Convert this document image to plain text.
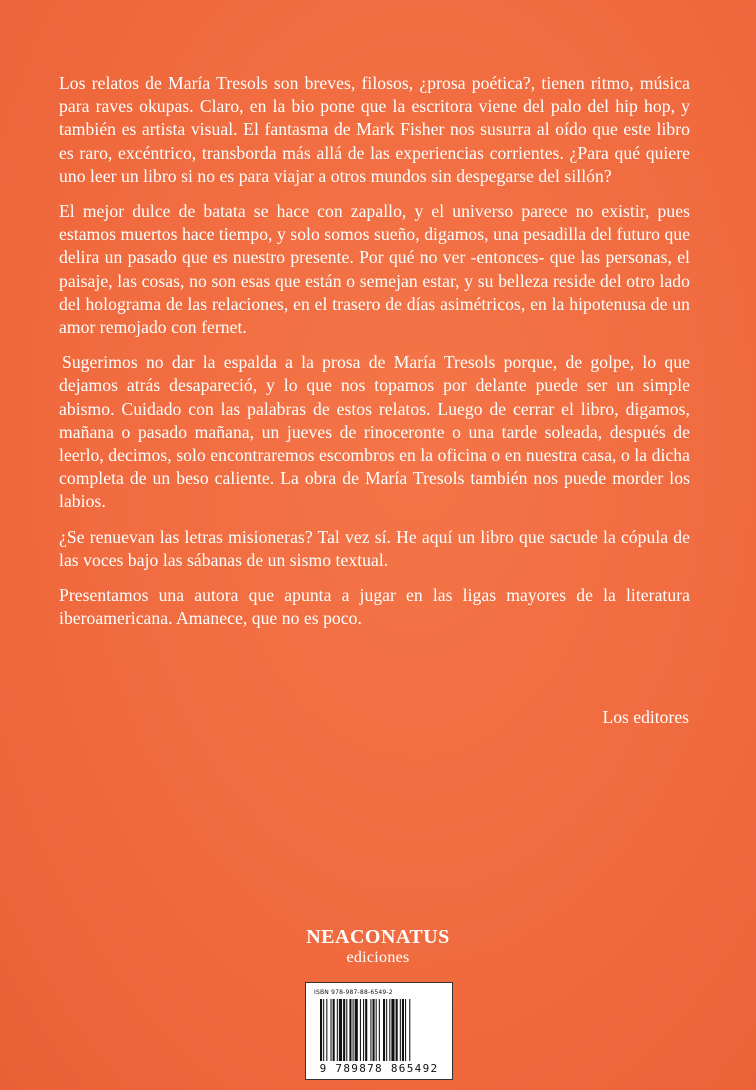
Los relatos de María Tresols son breves, filosos, ¿prosa poética?, tienen ritmo, música para raves okupas. Claro, en la bio pone que la escritora viene del palo del hip hop, y también es artista visual. El fantasma de Mark Fisher nos susurra al oído que este libro es raro, excéntrico, transborda más allá de las experiencias corrientes. ¿Para qué quiere uno leer un libro si no es para viajar a otros mundos sin despegarse del sillón?

El mejor dulce de batata se hace con zapallo, y el universo parece no existir, pues estamos muertos hace tiempo, y solo somos sueño, digamos, una pesadilla del futuro que delira un pasado que es nuestro presente. Por qué no ver -entonces- que las personas, el paisaje, las cosas, no son esas que están o semejan estar, y su belleza reside del otro lado del holograma de las relaciones, en el trasero de días asimétricos, en la hipotenusa de un amor remojado con fernet.

Sugerimos no dar la espalda a la prosa de María Tresols porque, de golpe, lo que dejamos atrás desapareció, y lo que nos topamos por delante puede ser un simple abismo. Cuidado con las palabras de estos relatos. Luego de cerrar el libro, digamos, mañana o pasado mañana, un jueves de rinoceronte o una tarde soleada, después de leerlo, decimos, solo encontraremos escombros en la oficina o en nuestra casa, o la dicha completa de un beso caliente. La obra de María Tresols también nos puede morder los labios.

¿Se renuevan las letras misioneras? Tal vez sí. He aquí un libro que sacude la cópula de las voces bajo las sábanas de un sismo textual.

Presentamos una autora que apunta a jugar en las ligas mayores de la literatura iberoamericana. Amanece, que no es poco.

Los editores
NEACONATUS
ediciones
ISBN 978-987-88-6549-2
9 789878 865492
